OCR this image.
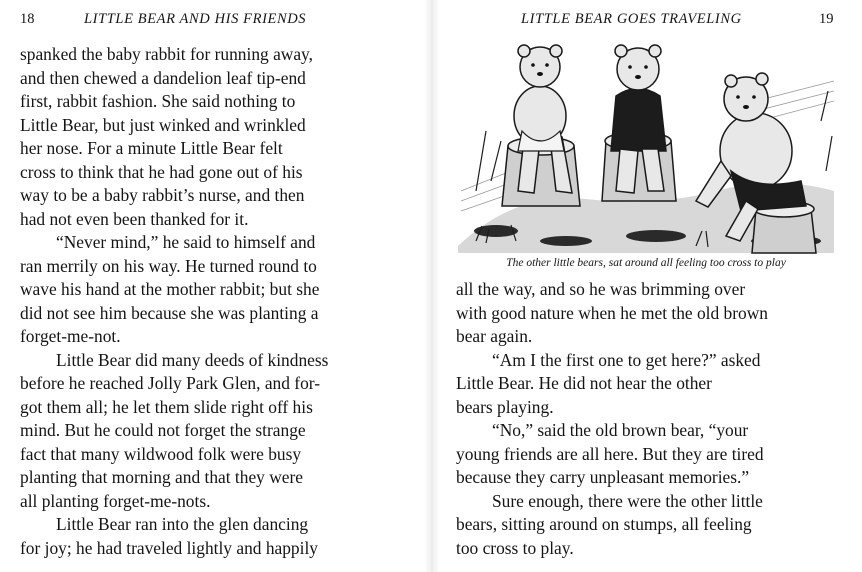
18	LITTLE BEAR AND HIS FRIENDS

spanked the baby rabbit for running away,
and then chewed a dandelion leaf tip-end
first, rabbit fashion. She said nothing to
Little Bear, but just winked and wrinkled
her nose. For a minute Little Bear felt
cross to think that he had gone out of his
way to be a baby rabbit’s nurse, and then
had not even been thanked for it.

“Never mind,” he said to himself and
ran merrily on his way. He turned round to
wave his hand at the mother rabbit; but she
did not see him because she was planting a
forget-me-not.

Little Bear did many deeds of kindness
before he reached Jolly Park Glen, and for-
got them all; he let them slide right off his
mind. But he could not forget the strange
fact that many wildwood folk were busy
planting that morning and that they were
all planting forget-me-nots.

Little Bear ran into the glen dancing
for joy; he had traveled lightly and happily

LITTLE BEAR GOES TRAVELING	19
The other little bears, sat around all feeling too cross to play

all the way, and so he was brimming over
with good nature when he met the old brown
bear again.

“Am I the first one to get here?” asked
Little Bear. He did not hear the other
bears playing.

“No,” said the old brown bear, “your
young friends are all here. But they are tired
because they carry unpleasant memories.”

Sure enough, there were the other little
bears, sitting around on stumps, all feeling
too cross to play.
